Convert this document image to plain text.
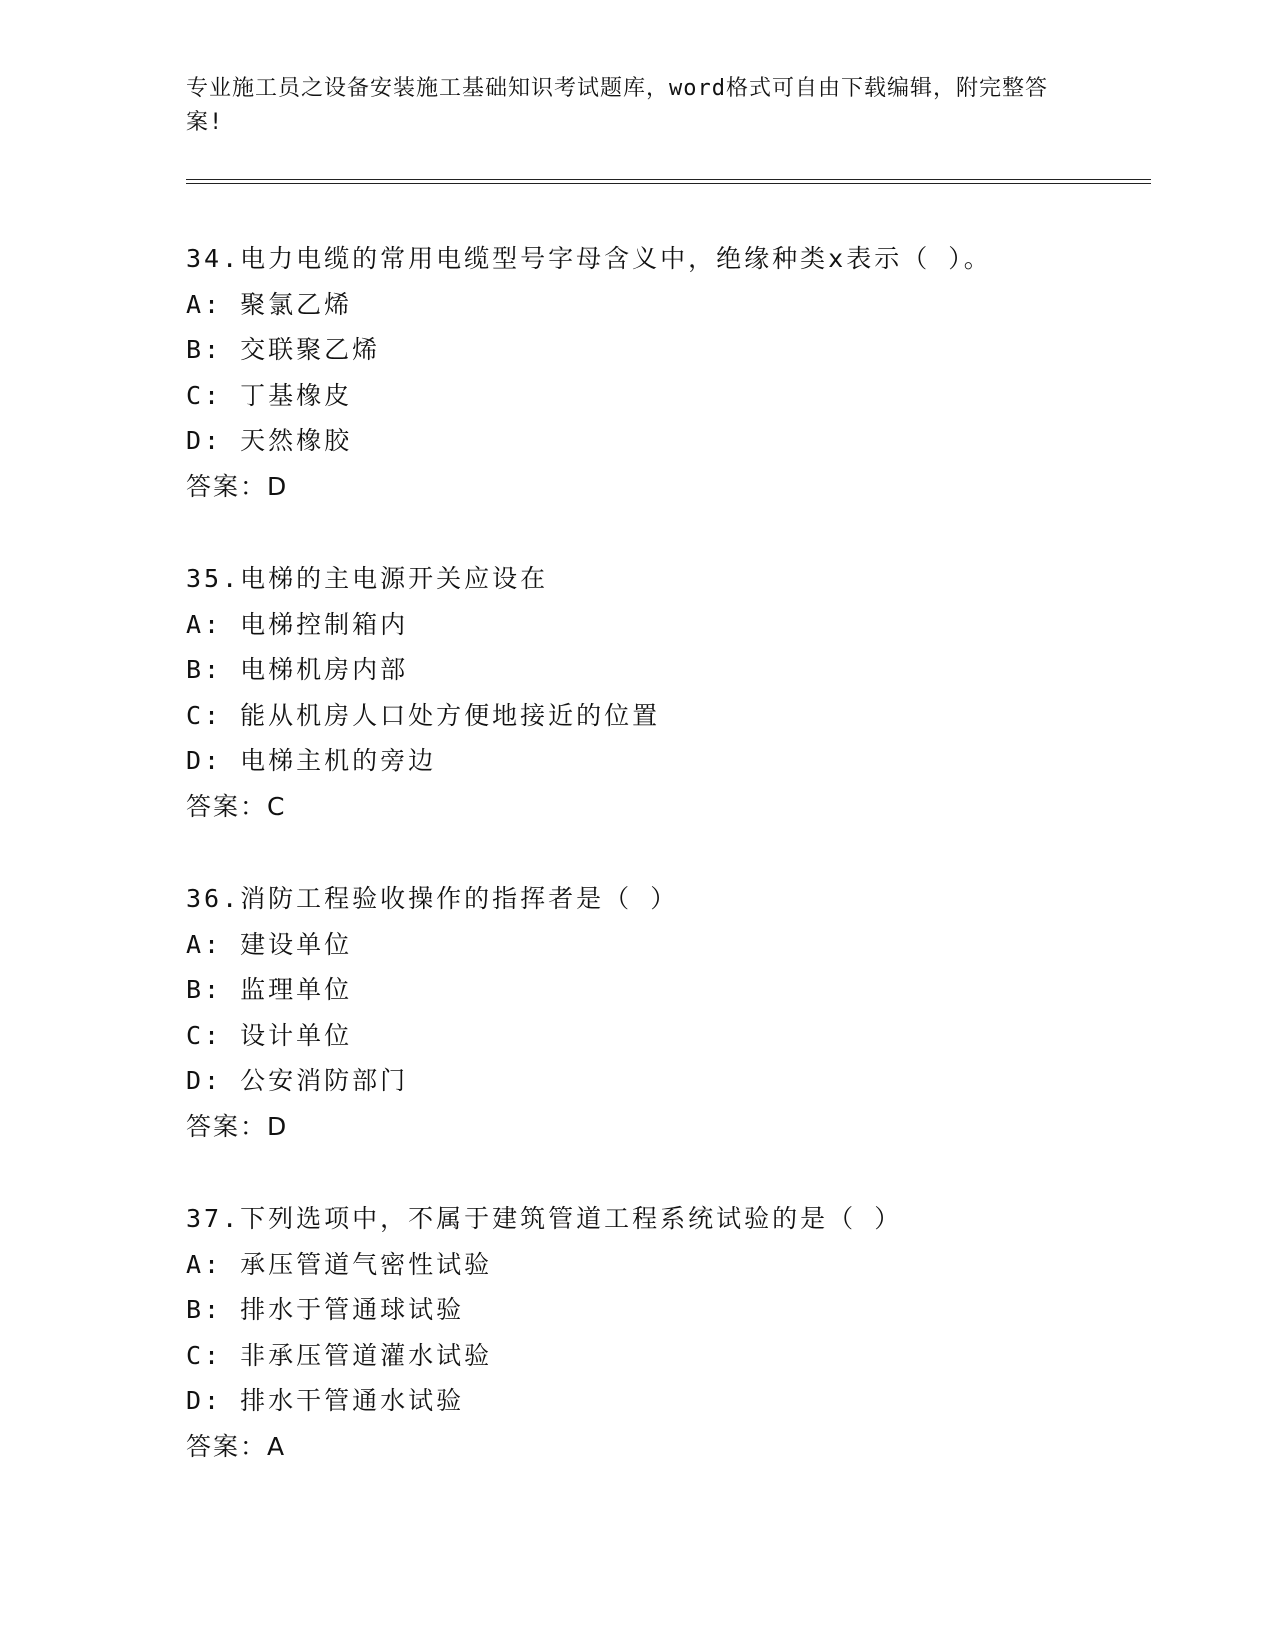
专业施工员之设备安装施工基础知识考试题库，word格式可自由下载编辑，附完整答案!
34.电力电缆的常用电缆型号字母含义中，绝缘种类x表示（ ）。
A: 聚氯乙烯
B: 交联聚乙烯
C: 丁基橡皮
D: 天然橡胶
答案：D
35.电梯的主电源开关应设在
A: 电梯控制箱内
B: 电梯机房内部
C: 能从机房人口处方便地接近的位置
D: 电梯主机的旁边
答案：C
36.消防工程验收操作的指挥者是（ ）
A: 建设单位
B: 监理单位
C: 设计单位
D: 公安消防部门
答案：D
37.下列选项中，不属于建筑管道工程系统试验的是（ ）
A: 承压管道气密性试验
B: 排水于管通球试验
C: 非承压管道灌水试验
D: 排水干管通水试验
答案：A
